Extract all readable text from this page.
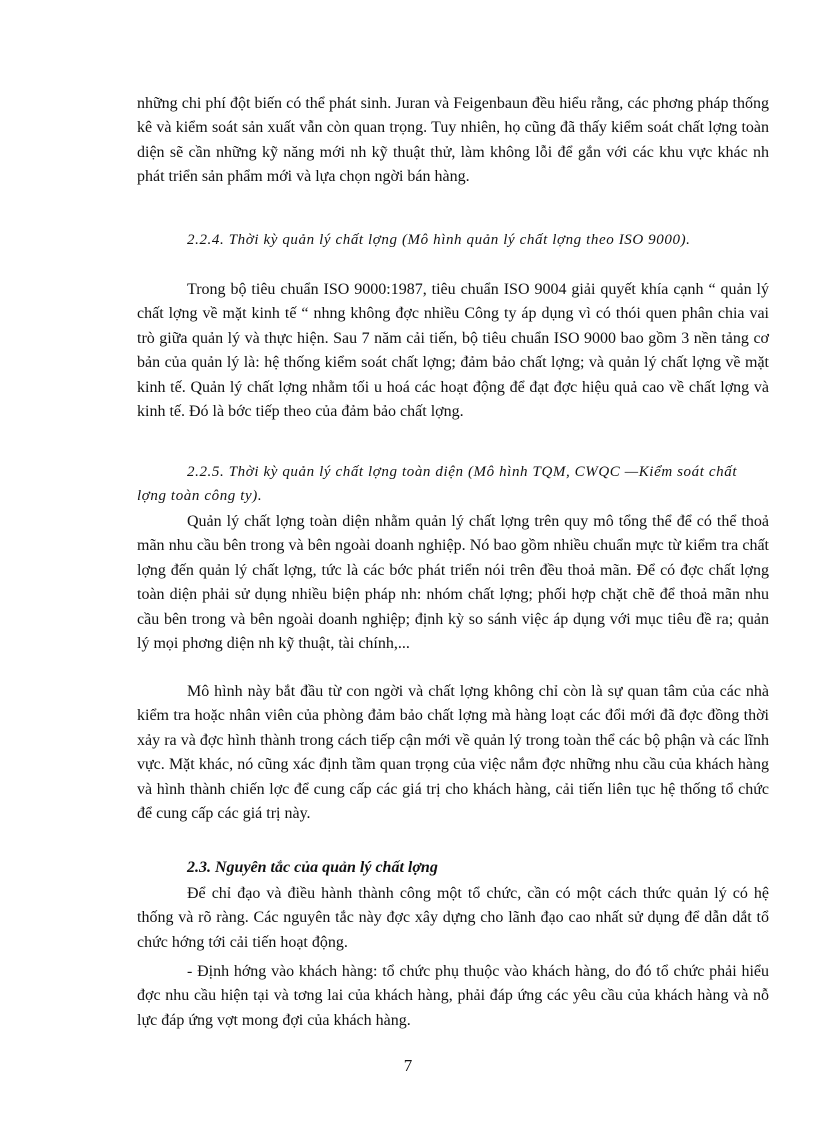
những chi phí đột biến có thể phát sinh. Juran và Feigenbaun đều hiểu rằng, các phơng pháp thống kê và kiểm soát sản xuất vẫn còn quan trọng. Tuy nhiên, họ cũng đã thấy kiểm soát chất lợng toàn diện sẽ cần những kỹ năng mới nh kỹ thuật thử, làm không lỗi để gắn với các khu vực khác nh phát triển sản phẩm mới và lựa chọn ngời bán hàng.

2.2.4. Thời kỳ quản lý chất lợng (Mô hình quản lý chất lợng theo ISO 9000).

Trong bộ tiêu chuẩn ISO 9000:1987, tiêu chuẩn ISO 9004 giải quyết khía cạnh “ quản lý chất lợng về mặt kinh tế “ nhng không đợc nhiều Công ty áp dụng vì có thói quen phân chia vai trò giữa quản lý và thực hiện. Sau 7 năm cải tiến, bộ tiêu chuẩn ISO 9000 bao gồm 3 nền tảng cơ bản của quản lý là: hệ thống kiểm soát chất lợng; đảm bảo chất lợng; và quản lý chất lợng về mặt kinh tế. Quản lý chất lợng nhằm tối u hoá các hoạt động để đạt đợc hiệu quả cao về chất lợng và kinh tế. Đó là bớc tiếp theo của đảm bảo chất lợng.

2.2.5. Thời kỳ quản lý chất lợng toàn diện (Mô hình TQM, CWQC —Kiểm soát chất lợng toàn công ty).

Quản lý chất lợng toàn diện nhằm quản lý chất lợng trên quy mô tổng thể để có thể thoả mãn nhu cầu bên trong và bên ngoài doanh nghiệp. Nó bao gồm nhiều chuẩn mực từ kiểm tra chất lợng đến quản lý chất lợng, tức là các bớc phát triển nói trên đều thoả mãn. Để có đợc chất lợng toàn diện phải sử dụng nhiều biện pháp nh: nhóm chất lợng; phối hợp chặt chẽ để thoả mãn nhu cầu bên trong và bên ngoài doanh nghiệp; định kỳ so sánh việc áp dụng với mục tiêu đề ra; quản lý mọi phơng diện nh kỹ thuật, tài chính,...

Mô hình này bắt đầu từ con ngời và chất lợng không chỉ còn là sự quan tâm của các nhà kiểm tra hoặc nhân viên của phòng đảm bảo chất lợng mà hàng loạt các đổi mới đã đợc đồng thời xảy ra và đợc hình thành trong cách tiếp cận mới về quản lý trong toàn thể các bộ phận và các lĩnh vực. Mặt khác, nó cũng xác định tầm quan trọng của việc nắm đợc những nhu cầu của khách hàng và hình thành chiến lợc để cung cấp các giá trị cho khách hàng, cải tiến liên tục hệ thống tổ chức để cung cấp các giá trị này.

2.3. Nguyên tắc của quản lý chất lợng

Để chỉ đạo và điều hành thành công một tổ chức, cần có một cách thức quản lý có hệ thống và rõ ràng. Các nguyên tắc này đợc xây dựng cho lãnh đạo cao nhất sử dụng để dẫn dắt tổ chức hớng tới cải tiến hoạt động.

- Định hớng vào khách hàng: tổ chức phụ thuộc vào khách hàng, do đó tổ chức phải hiểu đợc nhu cầu hiện tại và tơng lai của khách hàng, phải đáp ứng các yêu cầu của khách hàng và nỗ lực đáp ứng vợt mong đợi của khách hàng.

7
